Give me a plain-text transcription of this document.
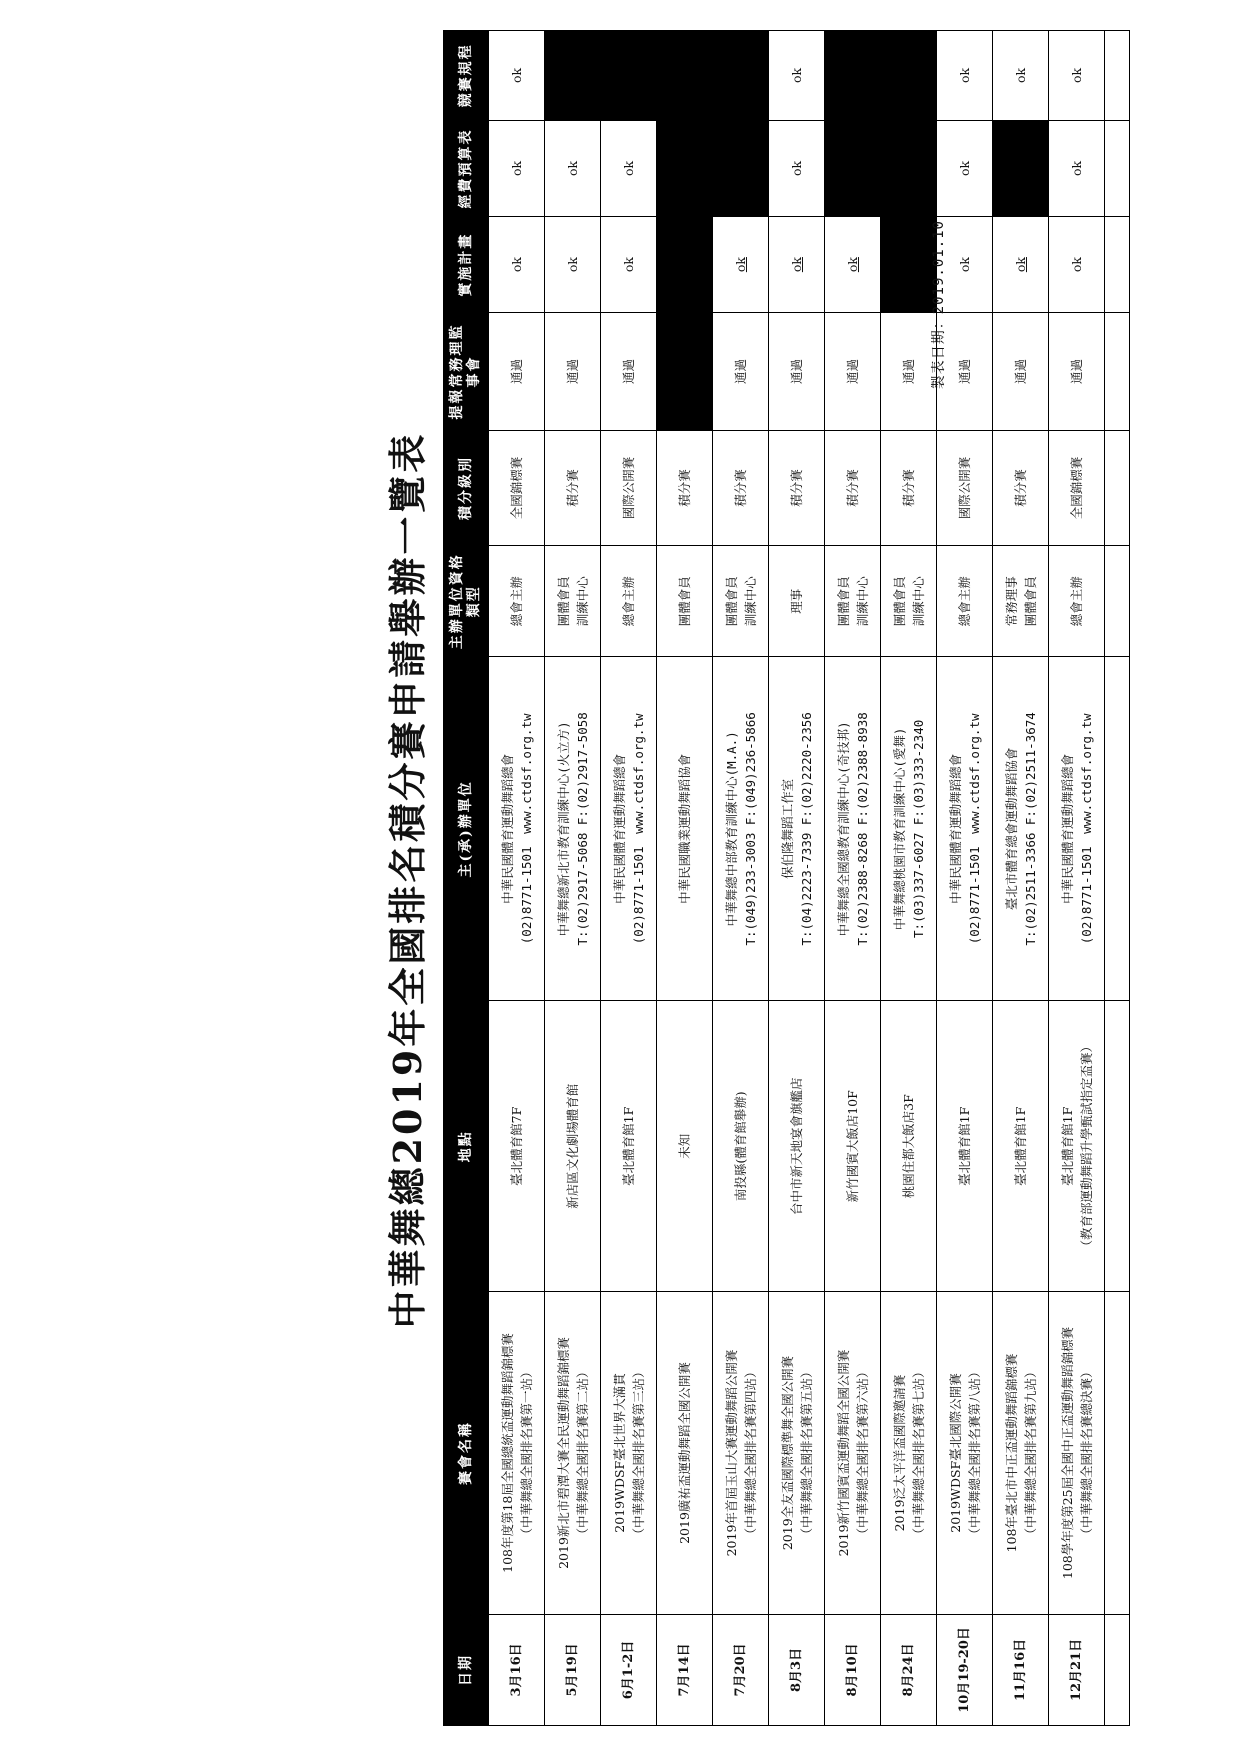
中華舞總2019年全國排名積分賽申請舉辦一覽表
日期	賽會名稱	地點	主(承)辦單位	主辦單位資格類型	積分級別	提報常務理監事會	實施計畫	經費預算表	競賽規程
3月16日	108年度第18屆全國總統盃運動舞蹈錦標賽 （中華舞總全國排名賽第一站）	臺北體育館7F	中華民國體育運動舞蹈總會 (02)8771-1501　www.ctdsf.org.tw	總會主辦	全國錦標賽	通過	ok	ok	ok
5月19日	2019新北市碧潭大賽全民運動舞蹈錦標賽 （中華舞總全國排名賽第二站）	新店區文化劇場體育館	中華舞總新北市教育訓練中心(火立方) T:(02)2917-5068 F:(02)2917-5058	團體會員 訓練中心	積分賽	通過	ok	ok	
6月1-2日	2019WDSF臺北世界大滿貫 （中華舞總全國排名賽第三站）	臺北體育館1F	中華民國體育運動舞蹈總會 (02)8771-1501　www.ctdsf.org.tw	總會主辦	國際公開賽	通過	ok	ok	
7月14日	2019廣祐盃運動舞蹈全國公開賽	未知	中華民國職業運動舞蹈協會	團體會員	積分賽				
7月20日	2019年首屆玉山大賽運動舞蹈公開賽 （中華舞總全國排名賽第四站）	南投縣(體育館舉辦)	中華舞總中部教育訓練中心(M.A.) T:(049)233-3003 F:(049)236-5866	團體會員 訓練中心	積分賽	通過	ok		
8月3日	2019全友盃國際標準舞全國公開賽 （中華舞總全國排名賽第五站）	台中市新天地宴會旗艦店	保伯隆舞蹈工作室 T:(04)2223-7339 F:(02)2220-2356	理事	積分賽	通過	ok	ok	ok
8月10日	2019新竹國賓盃運動舞蹈全國公開賽 （中華舞總全國排名賽第六站）	新竹國賓大飯店10F	中華舞總全國總教育訓練中心(奇技邦) T:(02)2388-8268 F:(02)2388-8938	團體會員 訓練中心	積分賽	通過	ok		
8月24日	2019泛太平洋盃國際邀請賽 （中華舞總全國排名賽第七站）	桃園住都大飯店3F	中華舞總桃園市教育訓練中心(愛舞) T:(03)337-6027 F:(03)333-2340	團體會員 訓練中心	積分賽	通過			
10月19-20日	2019WDSF臺北國際公開賽 （中華舞總全國排名賽第八站）	臺北體育館1F	中華民國體育運動舞蹈總會 (02)8771-1501　www.ctdsf.org.tw	總會主辦	國際公開賽	通過	ok	ok	ok
11月16日	108年臺北市中正盃運動舞蹈錦標賽 （中華舞總全國排名賽第九站）	臺北體育館1F	臺北市體育總會運動舞蹈協會 T:(02)2511-3366 F:(02)2511-3674	常務理事 團體會員	積分賽	通過	ok		ok
12月21日	108學年度第25屆全國中正盃運動舞蹈錦標賽 （中華舞總全國排名賽總決賽）	臺北體育館1F （教育部運動舞蹈升學甄試指定盃賽）	中華民國體育運動舞蹈總會 (02)8771-1501　www.ctdsf.org.tw	總會主辦	全國錦標賽	通過	ok	ok	ok

製表日期：2019.01.10
